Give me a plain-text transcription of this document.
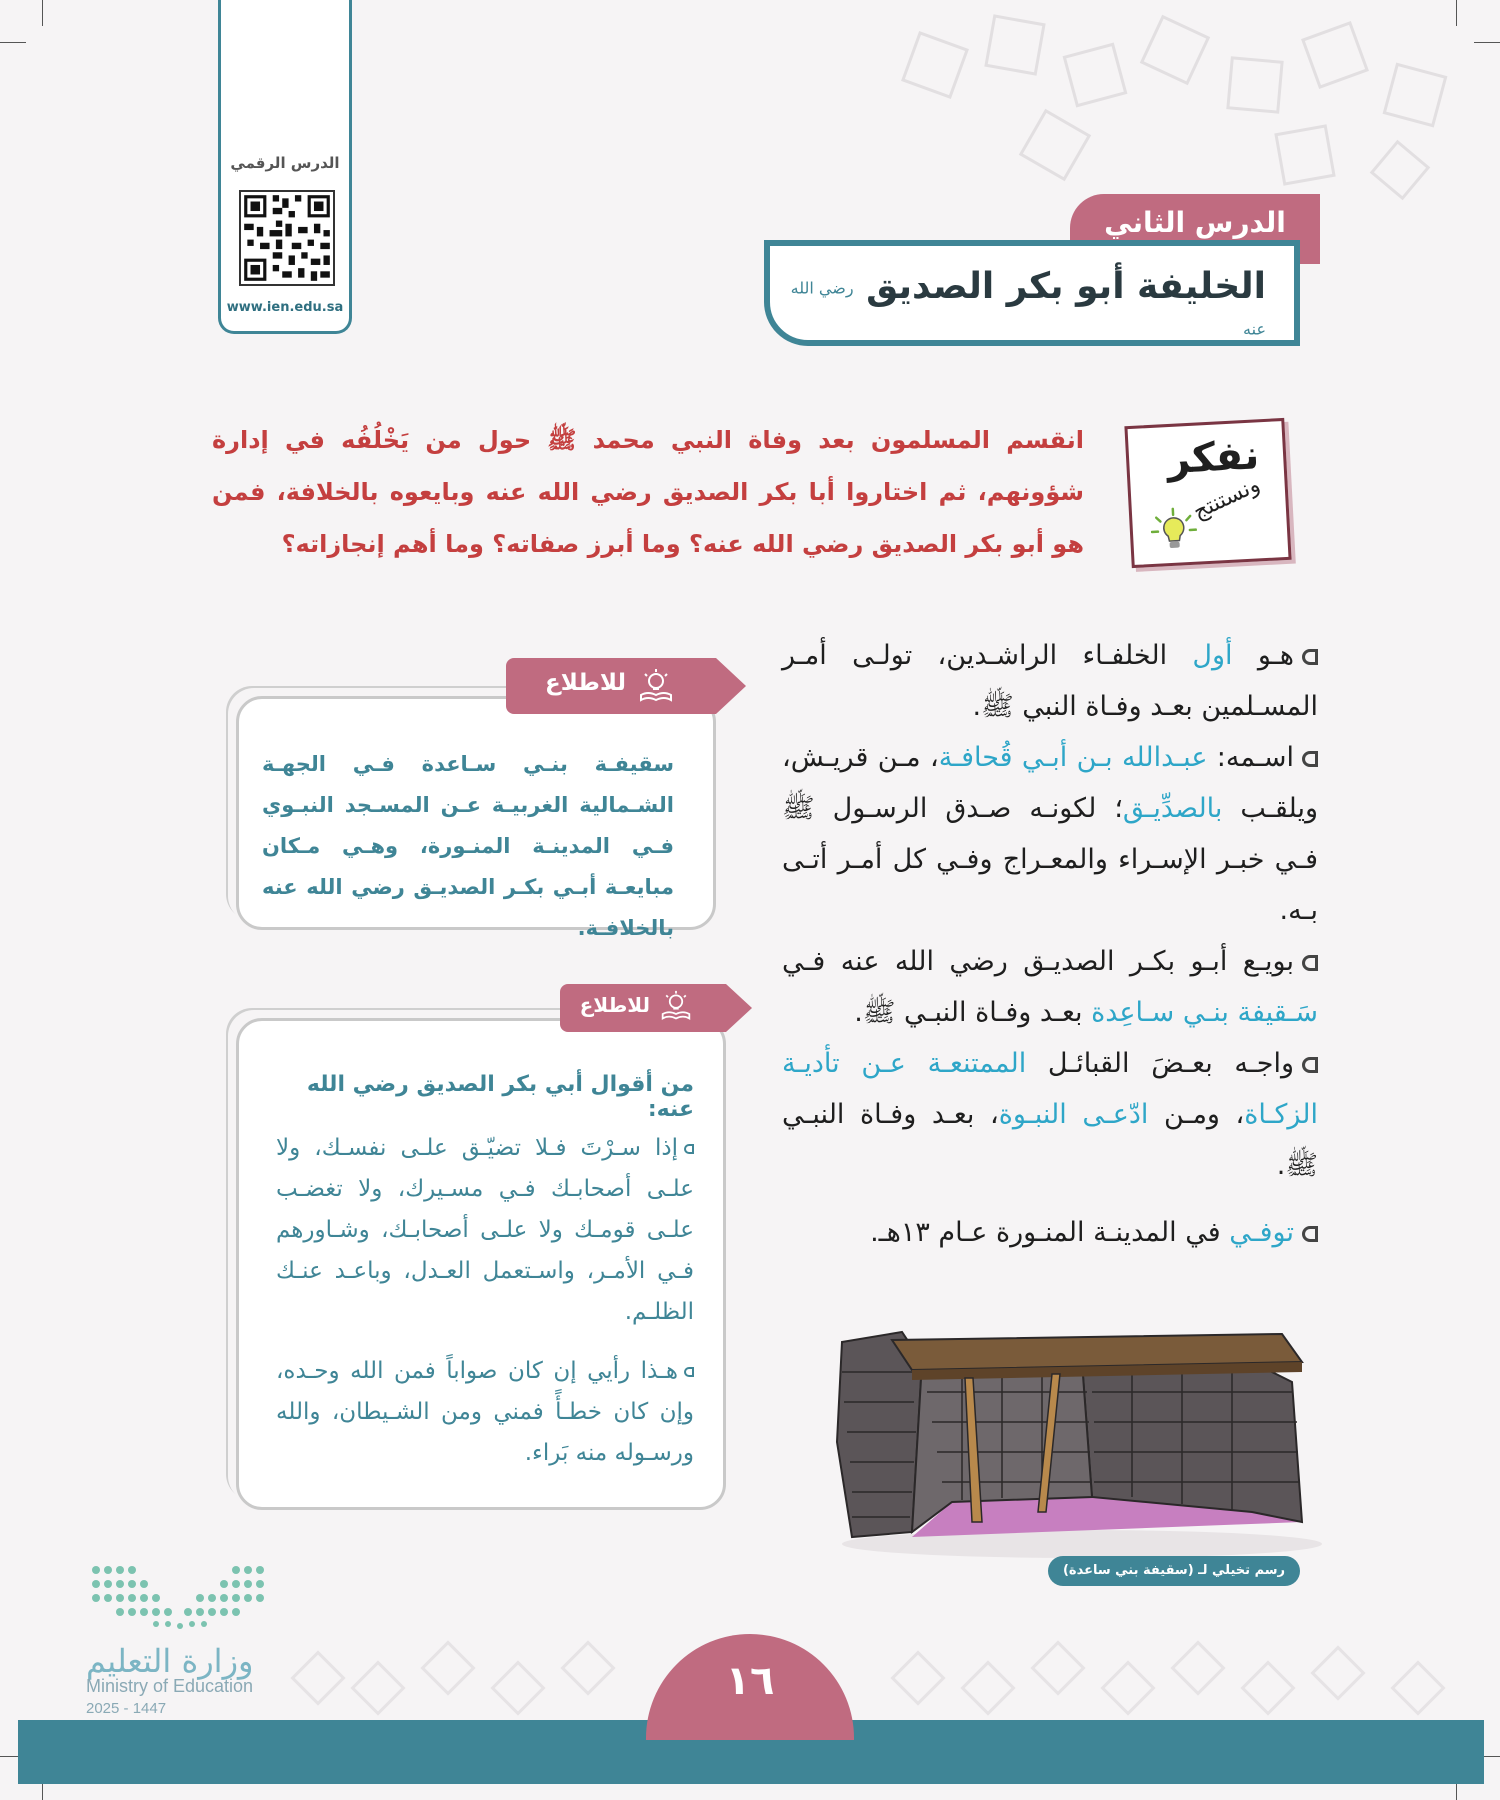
الدرس الرقمي
www.ien.edu.sa
الدرس الثاني
الخليفة أبو بكر الصديق رضي الله عنه
نفكر
ونستنتج
انقسم المسلمون بعد وفاة النبي محمد ﷺ حول من يَخْلُفُه في إدارة شؤونهم، ثم اختاروا أبا بكر الصديق رضي الله عنه وبايعوه بالخلافة، فمن هو أبو بكر الصديق رضي الله عنه؟ وما أبرز صفاته؟ وما أهم إنجازاته؟

هـو أول الخلفـاء الراشـدين، تولـى أمـر المسـلمين بعـد وفـاة النبي ﷺ.

اسـمه: عبـدالله بـن أبـي قُحافـة، مـن قريـش، ويلقـب بالصدِّيـق؛ لكونـه صـدق الرسـول ﷺ فـي خبـر الإسـراء والمعـراج وفـي كل أمـر أتـى بـه.

بويـع أبـو بكـر الصديـق رضي الله عنه فـي سَـقيفة بنـي سـاعِدة بعـد وفـاة النبـي ﷺ.

واجـه بعـضَ القبائـل الممتنعـة عـن تأديـة الزكـاة، ومـن ادّعـى النبـوة، بعـد وفـاة النبـي ﷺ.

توفـي في المدينـة المنـورة عـام ١٣هـ.

للاطلاع
سقيفـة بنـي سـاعدة فـي الجهـة الشـمالية الغربيـة عـن المسـجد النبـوي فـي المدينـة المنـورة، وهـي مـكان مبايعـة أبـي بكـر الصديـق رضي الله عنه بالخلافـة.
للاطلاع
من أقوال أبي بكر الصديق رضي الله عنه:

إذا سـرْتَ فـلا تضيّـق علـى نفسـك، ولا علـى أصحابـك فـي مسـيرك، ولا تغضـب علـى قومـك ولا علـى أصحابـك، وشـاورهم فـي الأمـر، واسـتعمل العـدل، وباعـد عنـك الظلـم.

هـذا رأيي إن كان صواباً فمن الله وحـده، وإن كان خطـأً فمني ومن الشـيطان، والله ورسـوله منه بَراء.

رسم تخيلي لـ (سقيفة بني ساعدة)
وزارة التعليم
Ministry of Education
2025 - 1447
١٦
